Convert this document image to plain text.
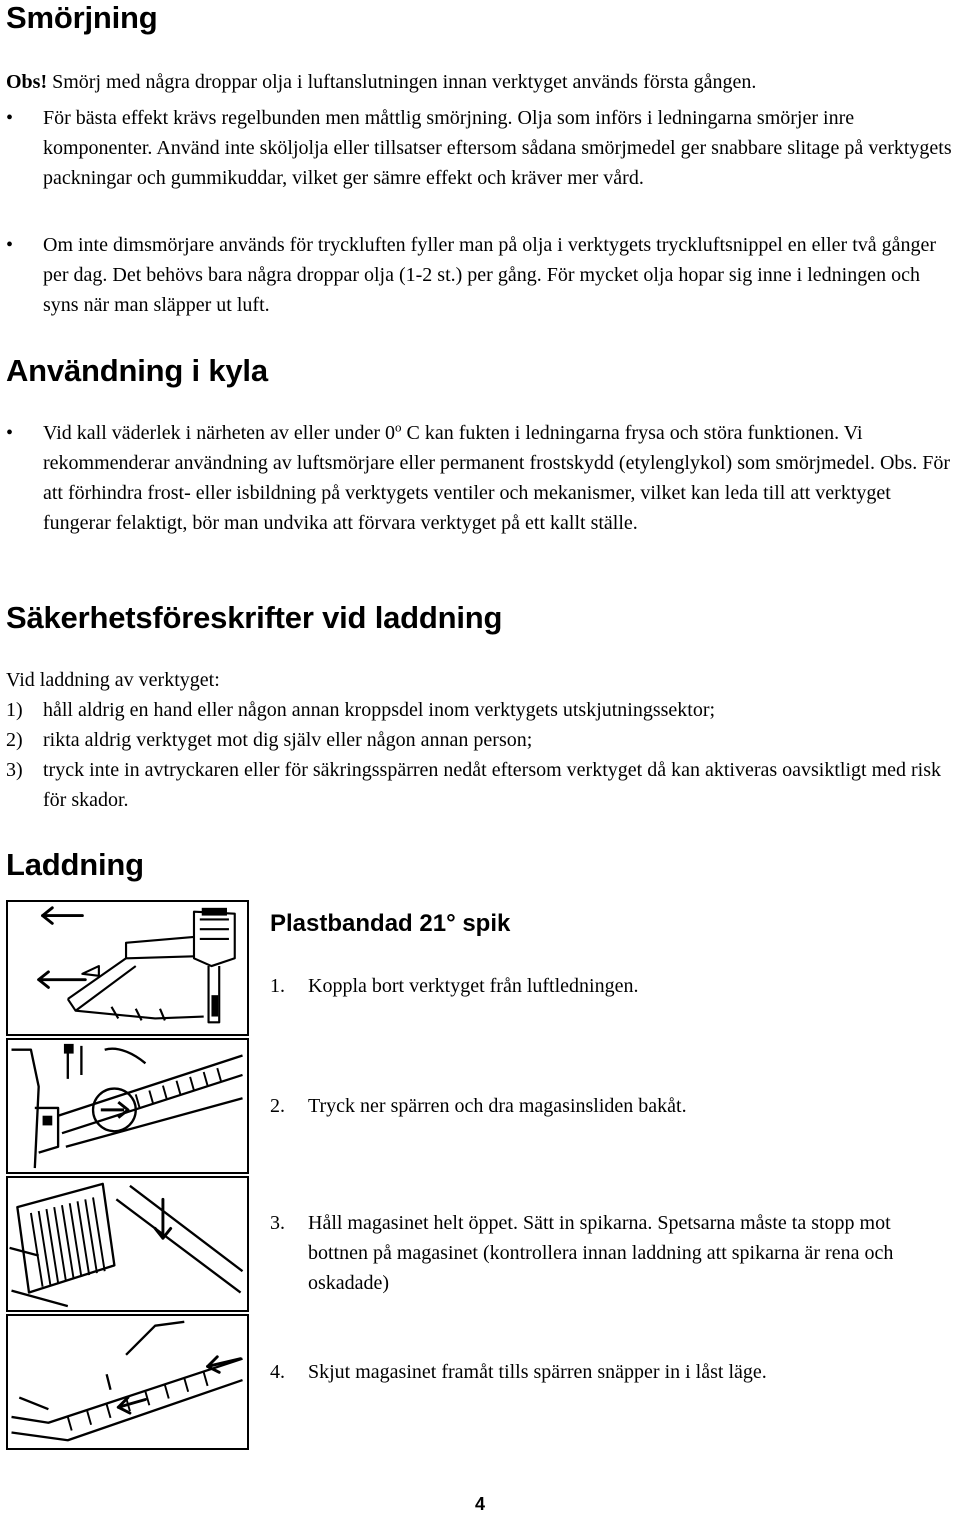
Smörjning

Obs! Smörj med några droppar olja i luftanslutningen innan verktyget används första gången.

•	För bästa effekt krävs regelbunden men måttlig smörjning. Olja som införs i ledningarna smörjer inre komponenter. Använd inte sköljolja eller tillsatser eftersom sådana smörjmedel ger snabbare slitage på verktygets packningar och gummikuddar, vilket ger sämre effekt och kräver mer vård.
•	Om inte dimsmörjare används för tryckluften fyller man på olja i verktygets tryckluftsnippel en eller två gånger per dag. Det behövs bara några droppar olja (1-2 st.) per gång. För mycket olja hopar sig inne i ledningen och syns när man släpper ut luft.
Användning i kyla
•	Vid kall väderlek i närheten av eller under 0$^o$ C kan fukten i ledningarna frysa och störa funktionen. Vi rekommenderar användning av luftsmörjare eller permanent frostskydd (etylenglykol) som smörjmedel. Obs. För att förhindra frost- eller isbildning på verktygets ventiler och mekanismer, vilket kan leda till att verktyget fungerar felaktigt, bör man undvika att förvara verktyget på ett kallt ställe.
Säkerhetsföreskrifter vid laddning

Vid laddning av verktyget:

1) håll aldrig en hand eller någon annan kroppsdel inom verktygets utskjutningssektor;
2) rikta aldrig verktyget mot dig själv eller någon annan person;
3) tryck inte in avtryckaren eller för säkringsspärren nedåt eftersom verktyget då kan aktiveras oavsiktligt med risk för skador.
Laddning
Plastbandad 21° spik
1. Koppla bort verktyget från luftledningen.
2. Tryck ner spärren och dra magasinsliden bakåt.
3. Håll magasinet helt öppet. Sätt in spikarna. Spetsarna måste ta stopp mot bottnen på magasinet (kontrollera innan laddning att spikarna är rena och oskadade)
4. Skjut magasinet framåt tills spärren snäpper in i låst läge.
4
